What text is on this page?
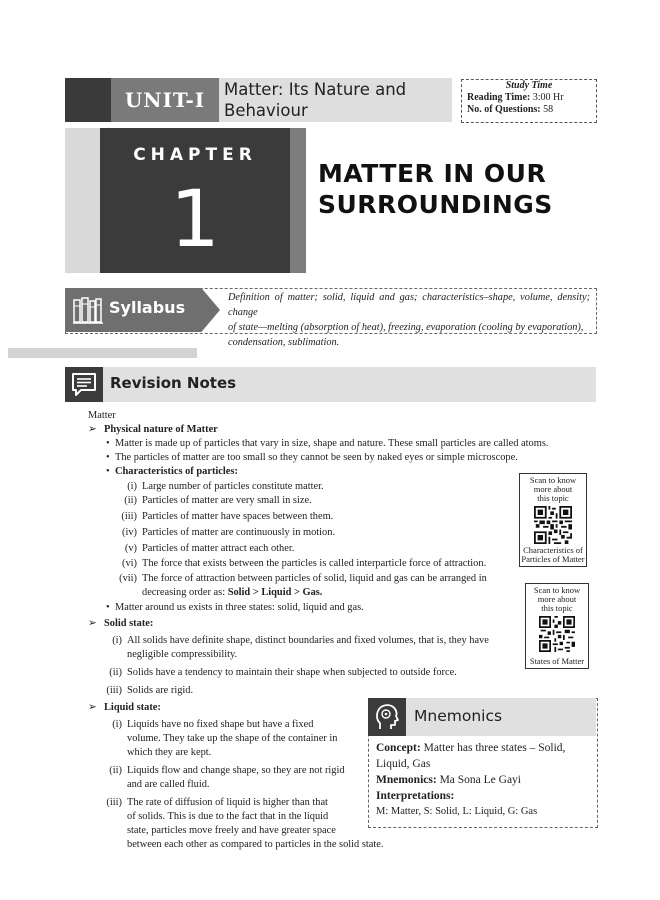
UNIT-I	Matter: Its Nature and
Behaviour
Study Time
Reading Time: 3:00 Hr
No. of Questions: 58
CHAPTER
1
MATTER IN OUR
SURROUNDINGS
Syllabus
Definition of matter; solid, liquid and gas; characteristics–shape, volume, density; change
of state—melting (absorption of heat), freezing, evaporation (cooling by evaporation),
condensation, sublimation.
Revision Notes
Matter
➢ Physical nature of Matter
• Matter is made up of particles that vary in size, shape and nature. These small particles are called atoms.
• The particles of matter are too small so they cannot be seen by naked eyes or simple microscope.
• Characteristics of particles:
(i) Large number of particles constitute matter.
(ii) Particles of matter are very small in size.
(iii) Particles of matter have spaces between them.
(iv) Particles of matter are continuously in motion.
(v) Particles of matter attract each other.
(vi) The force that exists between the particles is called interparticle force of attraction.
(vii) The force of attraction between particles of solid, liquid and gas can be arranged in
decreasing order as: Solid > Liquid > Gas.
• Matter around us exists in three states: solid, liquid and gas.
➢ Solid state:
(i) All solids have definite shape, distinct boundaries and fixed volumes, that is, they have
negligible compressibility.
(ii) Solids have a tendency to maintain their shape when subjected to outside force.
(iii) Solids are rigid.
➢ Liquid state:
(i) Liquids have no fixed shape but have a fixed
volume. They take up the shape of the container in
which they are kept.
(ii) Liquids flow and change shape, so they are not rigid
and are called fluid.
(iii) The rate of diffusion of liquid is higher than that
of solids. This is due to the fact that in the liquid
state, particles move freely and have greater space
between each other as compared to particles in the solid state.
Scan to know
more about
this topic
Characteristics of
Particles of Matter
Scan to know
more about
this topic
States of Matter
Mnemonics
Concept: Matter has three states – Solid,
Liquid, Gas
Mnemonics: Ma Sona Le Gayi
Interpretations:
M: Matter, S: Solid, L: Liquid, G: Gas
